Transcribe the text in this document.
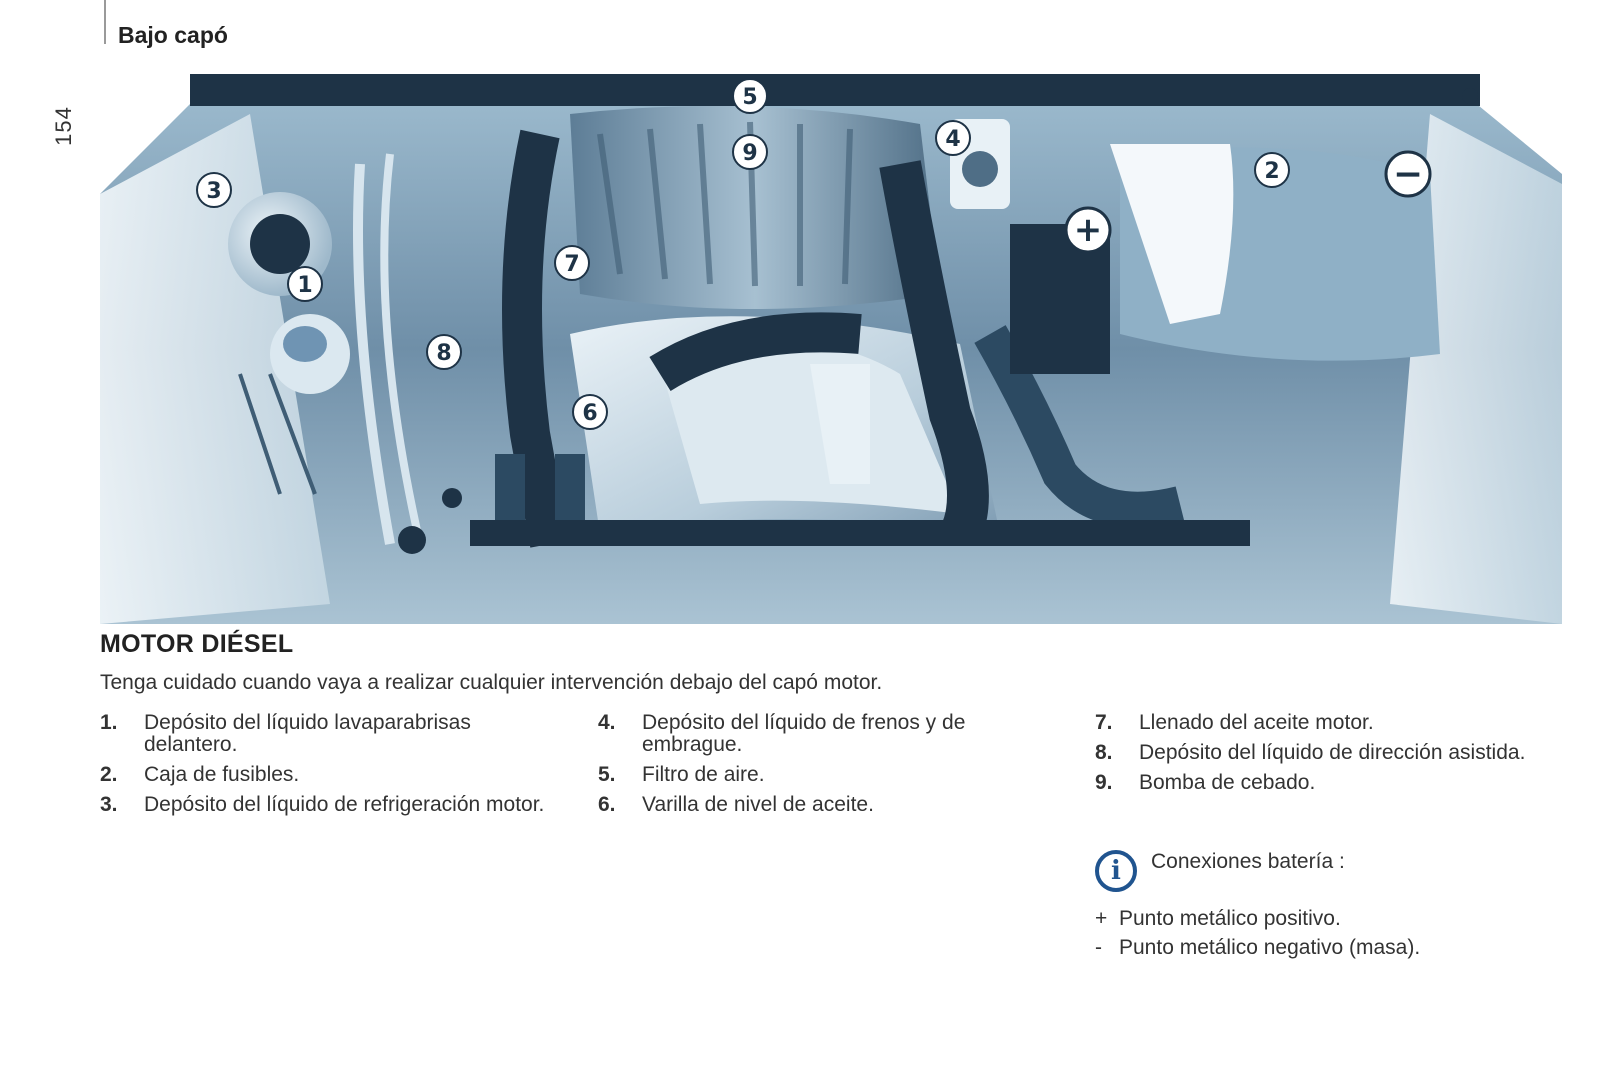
Bajo capó
154
+
−
1
2
3
4
5
6
7
8
9
MOTOR DIÉSEL
Tenga cuidado cuando vaya a realizar cualquier intervención debajo del capó motor.
1.	Depósito del líquido lavaparabrisas delantero.
2.	Caja de fusibles.
3.	Depósito del líquido de refrigeración motor.
4.	Depósito del líquido de frenos y de embrague.
5.	Filtro de aire.
6.	Varilla de nivel de aceite.
7.	Llenado del aceite motor.
8.	Depósito del líquido de dirección asistida.
9.	Bomba de cebado.
i	Conexiones batería :
+ Punto metálico positivo.
- Punto metálico negativo (masa).
